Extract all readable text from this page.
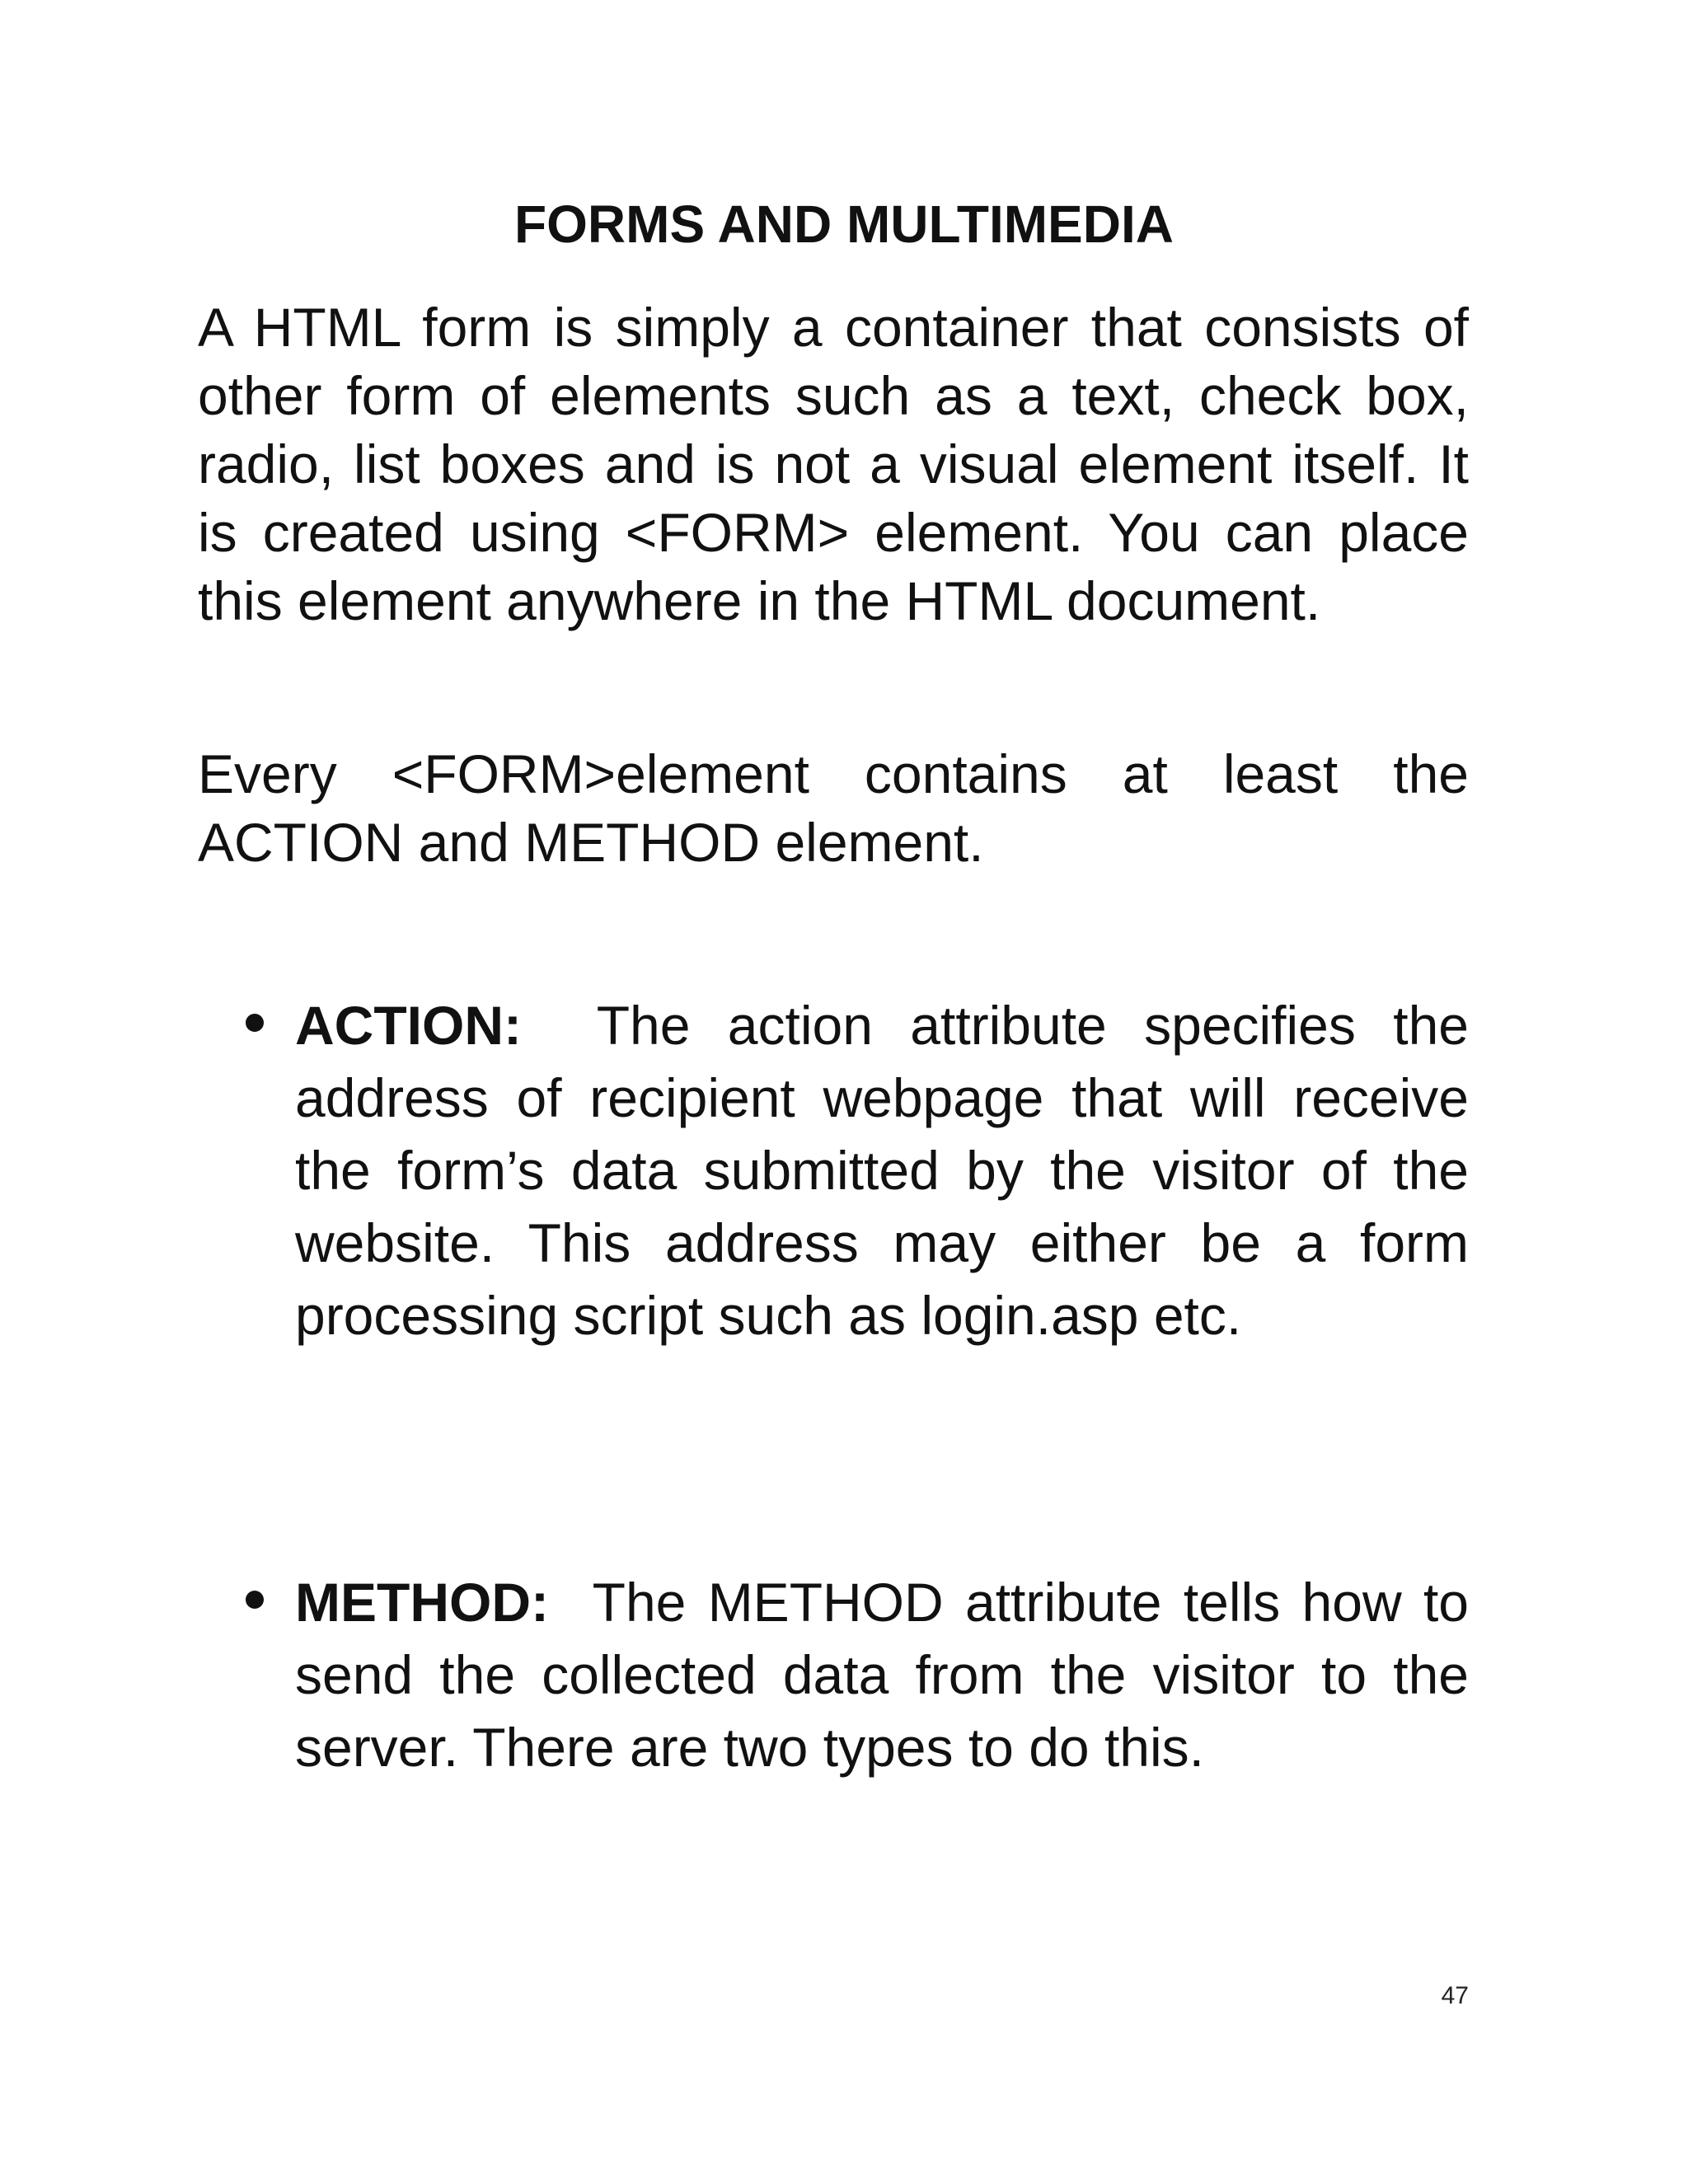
FORMS AND MULTIMEDIA

A HTML form is simply a container that consists of other form of elements such as a text, check box, radio, list boxes and is not a visual element itself. It is created using <FORM> element. You can place this element anywhere in the HTML document.

Every <FORM>element contains at least the ACTION and METHOD element.

ACTION: The action attribute specifies the address of recipient webpage that will receive the form’s data submitted by the visitor of the website. This address may either be a form processing script such as login.asp etc.
METHOD: The METHOD attribute tells how to send the collected data from the visitor to the server. There are two types to do this.
47
